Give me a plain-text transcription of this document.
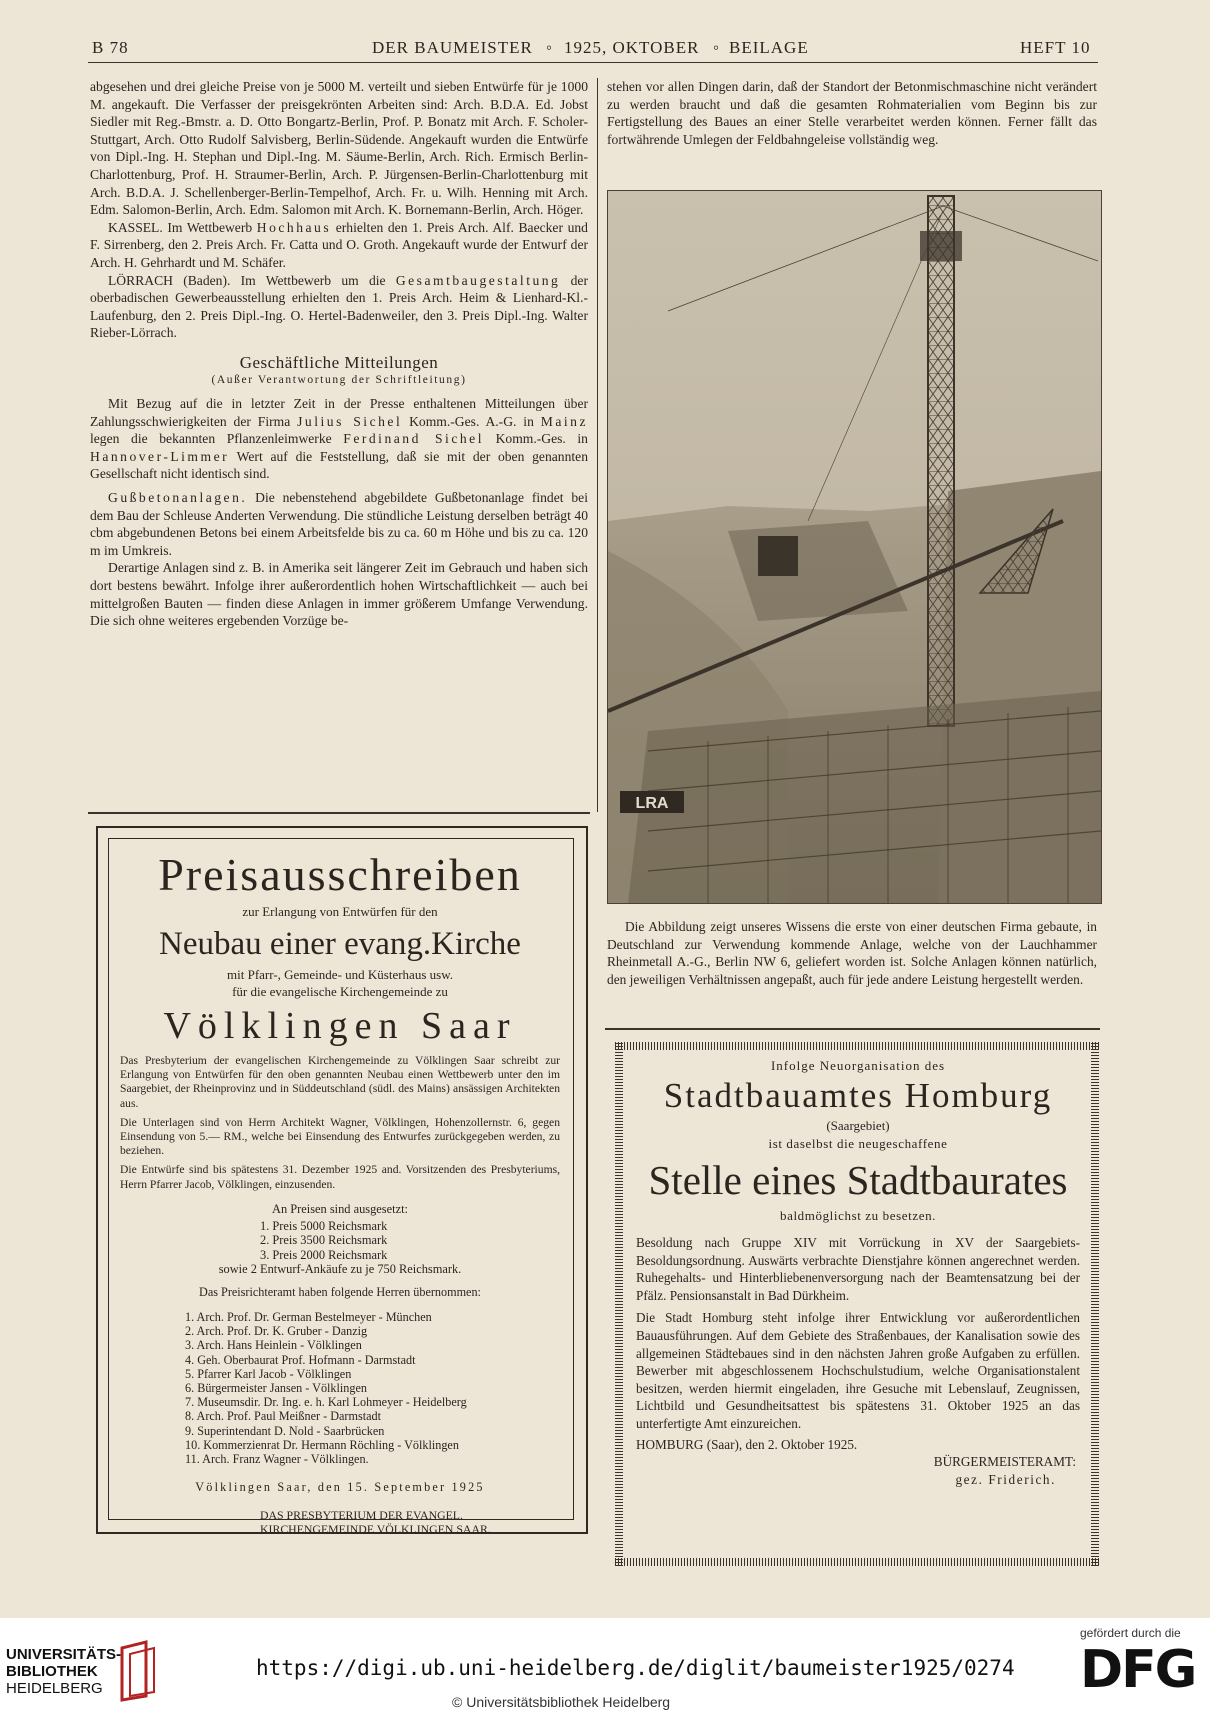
B 78	DER BAUMEISTER ◦ 1925, OKTOBER ◦ BEILAGE	HEFT 10

abgesehen und drei gleiche Preise von je 5000 M. verteilt und sieben Entwürfe für je 1000 M. angekauft. Die Verfasser der preisgekrönten Arbeiten sind: Arch. B.D.A. Ed. Jobst Siedler mit Reg.-Bmstr. a. D. Otto Bongartz-Berlin, Prof. P. Bonatz mit Arch. F. Scholer-Stuttgart, Arch. Otto Rudolf Salvisberg, Berlin-Südende. Angekauft wurden die Entwürfe von Dipl.-Ing. H. Stephan und Dipl.-Ing. M. Säume-Berlin, Arch. Rich. Ermisch Berlin-Charlottenburg, Prof. H. Straumer-Berlin, Arch. P. Jürgensen-Berlin-Charlottenburg mit Arch. B.D.A. J. Schellenberger-Berlin-Tempelhof, Arch. Fr. u. Wilh. Henning mit Arch. Edm. Salomon-Berlin, Arch. Edm. Salomon mit Arch. K. Bornemann-Berlin, Arch. Höger.

KASSEL. Im Wettbewerb Hochhaus erhielten den 1. Preis Arch. Alf. Baecker und F. Sirrenberg, den 2. Preis Arch. Fr. Catta und O. Groth. Angekauft wurde der Entwurf der Arch. H. Gehrhardt und M. Schäfer.

LÖRRACH (Baden). Im Wettbewerb um die Gesamtbaugestaltung der oberbadischen Gewerbeausstellung erhielten den 1. Preis Arch. Heim & Lienhard-Kl.-Laufenburg, den 2. Preis Dipl.-Ing. O. Hertel-Badenweiler, den 3. Preis Dipl.-Ing. Walter Rieber-Lörrach.

Geschäftliche Mitteilungen
(Außer Verantwortung der Schriftleitung)

Mit Bezug auf die in letzter Zeit in der Presse enthaltenen Mitteilungen über Zahlungsschwierigkeiten der Firma Julius Sichel Komm.-Ges. A.-G. in Mainz legen die bekannten Pflanzenleimwerke Ferdinand Sichel Komm.-Ges. in Hannover-Limmer Wert auf die Feststellung, daß sie mit der oben genannten Gesellschaft nicht identisch sind.

Gußbetonanlagen. Die nebenstehend abgebildete Gußbetonanlage findet bei dem Bau der Schleuse Anderten Verwendung. Die stündliche Leistung derselben beträgt 40 cbm abgebundenen Betons bei einem Arbeitsfelde bis zu ca. 60 m Höhe und bis zu ca. 120 m im Umkreis.

Derartige Anlagen sind z. B. in Amerika seit längerer Zeit im Gebrauch und haben sich dort bestens bewährt. Infolge ihrer außerordentlich hohen Wirtschaftlichkeit — auch bei mittelgroßen Bauten — finden diese Anlagen in immer größerem Umfange Verwendung. Die sich ohne weiteres ergebenden Vorzüge be-

stehen vor allen Dingen darin, daß der Standort der Betonmischmaschine nicht verändert zu werden braucht und daß die gesamten Rohmaterialien vom Beginn bis zur Fertigstellung des Baues an einer Stelle verarbeitet werden können. Ferner fällt das fortwährende Umlegen der Feldbahngeleise vollständig weg.

LRA

Die Abbildung zeigt unseres Wissens die erste von einer deutschen Firma gebaute, in Deutschland zur Verwendung kommende Anlage, welche von der Lauchhammer Rheinmetall A.-G., Berlin NW 6, geliefert worden ist. Solche Anlagen können natürlich, den jeweiligen Verhältnissen angepaßt, auch für jede andere Leistung hergestellt werden.

Preisausschreiben
zur Erlangung von Entwürfen für den
Neubau einer evang.Kirche
mit Pfarr-, Gemeinde- und Küsterhaus usw.
für die evangelische Kirchengemeinde zu
Völklingen Saar
Das Presbyterium der evangelischen Kirchengemeinde zu Völklingen Saar schreibt zur Erlangung von Entwürfen für den oben genannten Neubau einen Wettbewerb unter den im Saargebiet, der Rheinprovinz und in Süddeutschland (südl. des Mains) ansässigen Architekten aus.
Die Unterlagen sind von Herrn Architekt Wagner, Völklingen, Hohenzollernstr. 6, gegen Einsendung von 5.— RM., welche bei Einsendung des Entwurfes zurückgegeben werden, zu beziehen.
Die Entwürfe sind bis spätestens 31. Dezember 1925 and. Vorsitzenden des Presbyteriums, Herrn Pfarrer Jacob, Völklingen, einzusenden.
An Preisen sind ausgesetzt:
1. Preis 5000 Reichsmark
2. Preis 3500 Reichsmark
3. Preis 2000 Reichsmark
sowie 2 Entwurf-Ankäufe zu je 750 Reichsmark.
Das Preisrichteramt haben folgende Herren übernommen:
1. Arch. Prof. Dr. German Bestelmeyer - München
2. Arch. Prof. Dr. K. Gruber - Danzig
3. Arch. Hans Heinlein - Völklingen
4. Geh. Oberbaurat Prof. Hofmann - Darmstadt
5. Pfarrer Karl Jacob - Völklingen
6. Bürgermeister Jansen - Völklingen
7. Museumsdir. Dr. Ing. e. h. Karl Lohmeyer - Heidelberg
8. Arch. Prof. Paul Meißner - Darmstadt
9. Superintendant D. Nold - Saarbrücken
10. Kommerzienrat Dr. Hermann Röchling - Völklingen
11. Arch. Franz Wagner - Völklingen.
Völklingen Saar, den 15. September 1925
DAS PRESBYTERIUM DER EVANGEL.
KIRCHENGEMEINDE VÖLKLINGEN SAAR.
Infolge Neuorganisation des
Stadtbauamtes Homburg
(Saargebiet)
ist daselbst die neugeschaffene
Stelle eines Stadtbaurates
baldmöglichst zu besetzen.
Besoldung nach Gruppe XIV mit Vorrückung in XV der Saargebiets-Besoldungsordnung. Auswärts verbrachte Dienstjahre können angerechnet werden. Ruhegehalts- und Hinterbliebenenversorgung nach der Beamtensatzung bei der Pfälz. Pensionsanstalt in Bad Dürkheim.
Die Stadt Homburg steht infolge ihrer Entwicklung vor außerordentlichen Bauausführungen. Auf dem Gebiete des Straßenbaues, der Kanalisation sowie des allgemeinen Städtebaues sind in den nächsten Jahren große Aufgaben zu erfüllen. Bewerber mit abgeschlossenem Hochschulstudium, welche Organisationstalent besitzen, werden hiermit eingeladen, ihre Gesuche mit Lebenslauf, Zeugnissen, Lichtbild und Gesundheitsattest bis spätestens 31. Oktober 1925 an das unterfertigte Amt einzureichen.
HOMBURG (Saar), den 2. Oktober 1925.
BÜRGERMEISTERAMT:
gez. Friderich.
UNIVERSITÄTS-
BIBLIOTHEK
HEIDELBERG
https://digi.ub.uni-heidelberg.de/diglit/baumeister1925/0274
© Universitätsbibliothek Heidelberg
gefördert durch die
DFG
